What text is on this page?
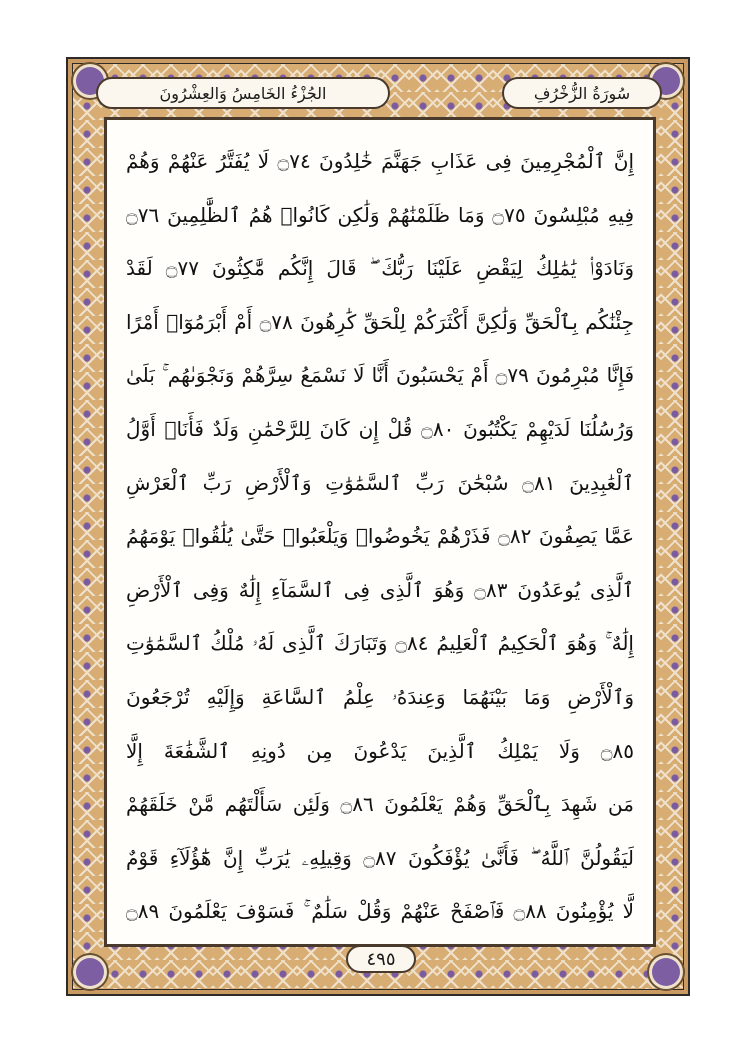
سُورَةُ الزُّخْرُفِ
الجُزْءُ الخَامِسُ وَالعِشْرُونَ
إِنَّ ٱلْمُجْرِمِينَ فِى عَذَابِ جَهَنَّمَ خَٰلِدُونَ ۝٧٤ لَا يُفَتَّرُ عَنْهُمْ وَهُمْ
فِيهِ مُبْلِسُونَ ۝٧٥ وَمَا ظَلَمْنَٰهُمْ وَلَٰكِن كَانُوا۟ هُمُ ٱلظَّٰلِمِينَ ۝٧٦
وَنَادَوْا۟ يَٰمَٰلِكُ لِيَقْضِ عَلَيْنَا رَبُّكَ ۖ قَالَ إِنَّكُم مَّٰكِثُونَ ۝٧٧ لَقَدْ
جِئْنَٰكُم بِٱلْحَقِّ وَلَٰكِنَّ أَكْثَرَكُمْ لِلْحَقِّ كَٰرِهُونَ ۝٧٨ أَمْ أَبْرَمُوٓا۟ أَمْرًا
فَإِنَّا مُبْرِمُونَ ۝٧٩ أَمْ يَحْسَبُونَ أَنَّا لَا نَسْمَعُ سِرَّهُمْ وَنَجْوَىٰهُم ۚ بَلَىٰ
وَرُسُلُنَا لَدَيْهِمْ يَكْتُبُونَ ۝٨٠ قُلْ إِن كَانَ لِلرَّحْمَٰنِ وَلَدٌ فَأَنَا۠ أَوَّلُ
ٱلْعَٰبِدِينَ ۝٨١ سُبْحَٰنَ رَبِّ ٱلسَّمَٰوَٰتِ وَٱلْأَرْضِ رَبِّ ٱلْعَرْشِ
عَمَّا يَصِفُونَ ۝٨٢ فَذَرْهُمْ يَخُوضُوا۟ وَيَلْعَبُوا۟ حَتَّىٰ يُلَٰقُوا۟ يَوْمَهُمُ
ٱلَّذِى يُوعَدُونَ ۝٨٣ وَهُوَ ٱلَّذِى فِى ٱلسَّمَآءِ إِلَٰهٌ وَفِى ٱلْأَرْضِ
إِلَٰهٌ ۚ وَهُوَ ٱلْحَكِيمُ ٱلْعَلِيمُ ۝٨٤ وَتَبَارَكَ ٱلَّذِى لَهُۥ مُلْكُ ٱلسَّمَٰوَٰتِ
وَٱلْأَرْضِ وَمَا بَيْنَهُمَا وَعِندَهُۥ عِلْمُ ٱلسَّاعَةِ وَإِلَيْهِ تُرْجَعُونَ
۝٨٥ وَلَا يَمْلِكُ ٱلَّذِينَ يَدْعُونَ مِن دُونِهِ ٱلشَّفَٰعَةَ إِلَّا
مَن شَهِدَ بِٱلْحَقِّ وَهُمْ يَعْلَمُونَ ۝٨٦ وَلَئِن سَأَلْتَهُم مَّنْ خَلَقَهُمْ
لَيَقُولُنَّ ٱللَّهُ ۖ فَأَنَّىٰ يُؤْفَكُونَ ۝٨٧ وَقِيلِهِۦ يَٰرَبِّ إِنَّ هَٰٓؤُلَآءِ قَوْمٌ
لَّا يُؤْمِنُونَ ۝٨٨ فَٱصْفَحْ عَنْهُمْ وَقُلْ سَلَٰمٌ ۚ فَسَوْفَ يَعْلَمُونَ ۝٨٩
٤٩٥
